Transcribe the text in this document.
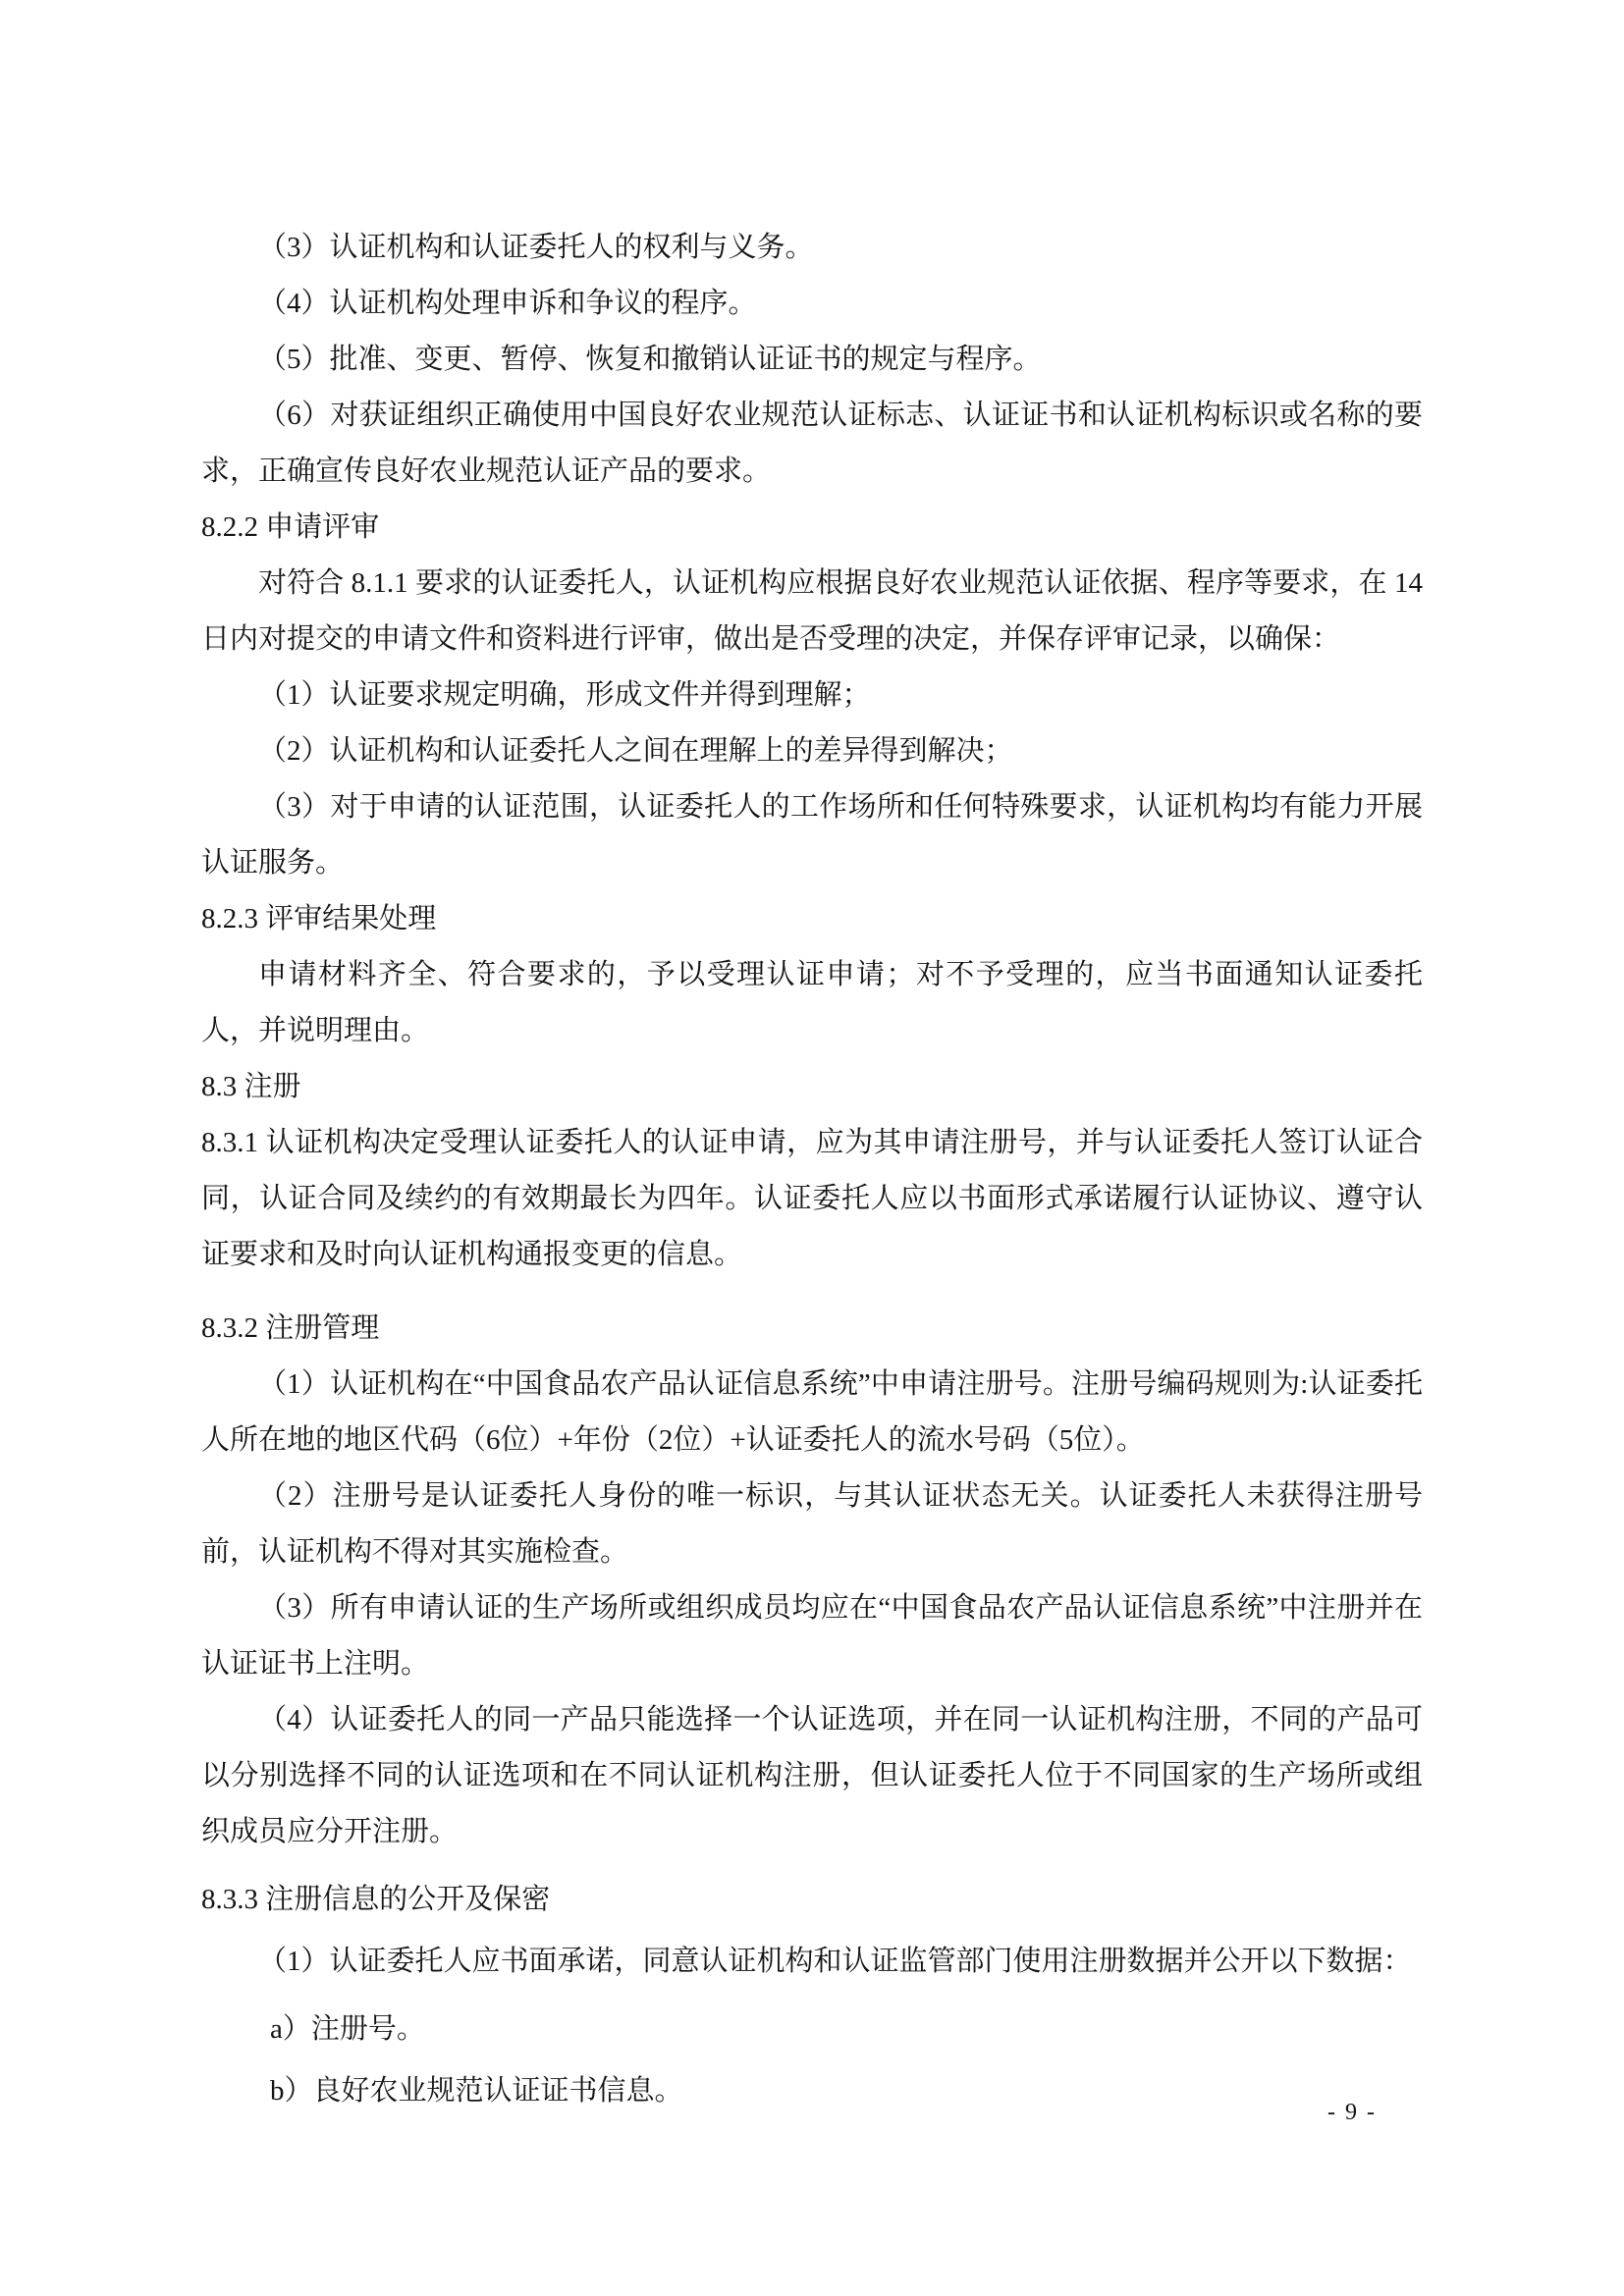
（3）认证机构和认证委托人的权利与义务。

（4）认证机构处理申诉和争议的程序。

（5）批准、变更、暂停、恢复和撤销认证证书的规定与程序。

（6）对获证组织正确使用中国良好农业规范认证标志、认证证书和认证机构标识或名称的要求，正确宣传良好农业规范认证产品的要求。

8.2.2 申请评审

对符合 8.1.1 要求的认证委托人，认证机构应根据良好农业规范认证依据、程序等要求，在 14 日内对提交的申请文件和资料进行评审，做出是否受理的决定，并保存评审记录，以确保：

（1）认证要求规定明确，形成文件并得到理解；

（2）认证机构和认证委托人之间在理解上的差异得到解决；

（3）对于申请的认证范围，认证委托人的工作场所和任何特殊要求，认证机构均有能力开展认证服务。

8.2.3 评审结果处理

申请材料齐全、符合要求的，予以受理认证申请；对不予受理的，应当书面通知认证委托人，并说明理由。

8.3 注册

8.3.1 认证机构决定受理认证委托人的认证申请，应为其申请注册号，并与认证委托人签订认证合同，认证合同及续约的有效期最长为四年。认证委托人应以书面形式承诺履行认证协议、遵守认证要求和及时向认证机构通报变更的信息。

8.3.2 注册管理

（1）认证机构在“中国食品农产品认证信息系统”中申请注册号。注册号编码规则为:认证委托人所在地的地区代码（6位）+年份（2位）+认证委托人的流水号码（5位）。

（2）注册号是认证委托人身份的唯一标识，与其认证状态无关。认证委托人未获得注册号前，认证机构不得对其实施检查。

（3）所有申请认证的生产场所或组织成员均应在“中国食品农产品认证信息系统”中注册并在认证证书上注明。

（4）认证委托人的同一产品只能选择一个认证选项，并在同一认证机构注册，不同的产品可以分别选择不同的认证选项和在不同认证机构注册，但认证委托人位于不同国家的生产场所或组织成员应分开注册。

8.3.3 注册信息的公开及保密

（1）认证委托人应书面承诺，同意认证机构和认证监管部门使用注册数据并公开以下数据：

a）注册号。

b）良好农业规范认证证书信息。

- 9 -
